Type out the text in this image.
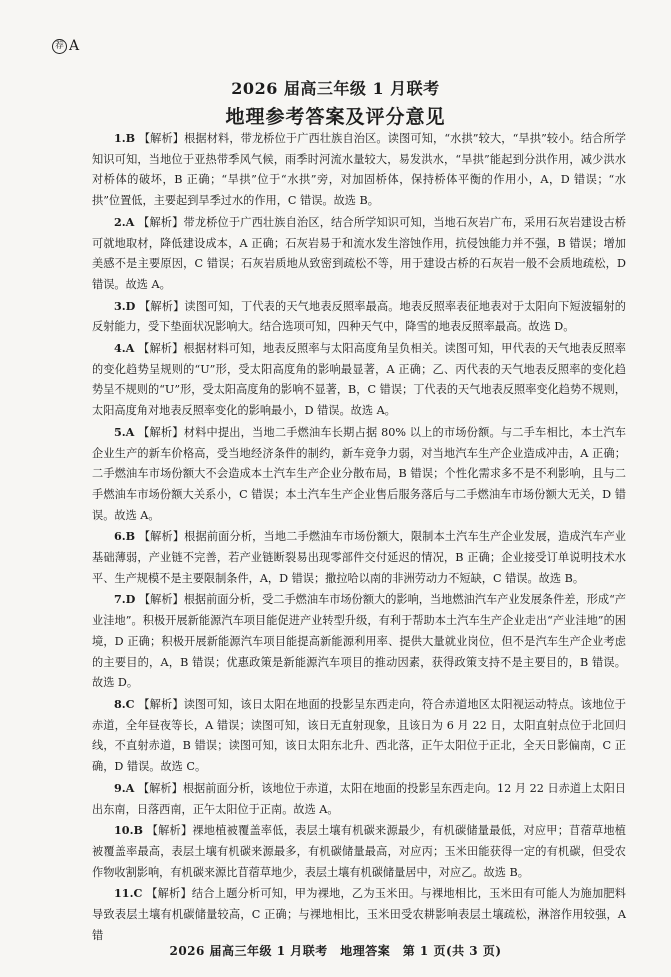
荐 A
2026 届高三年级 1 月联考
地理参考答案及评分意见

1.B 【解析】根据材料，带龙桥位于广西壮族自治区。读图可知，“水拱”较大，“旱拱”较小。结合所学知识可知，当地位于亚热带季风气候，雨季时河流水量较大，易发洪水，“旱拱”能起到分洪作用，减少洪水对桥体的破坏，B 正确；“旱拱”位于“水拱”旁，对加固桥体，保持桥体平衡的作用小，A，D 错误；“水拱”位置低，主要起到旱季过水的作用，C 错误。故选 B。

2.A 【解析】带龙桥位于广西壮族自治区，结合所学知识可知，当地石灰岩广布，采用石灰岩建设古桥可就地取材，降低建设成本，A 正确；石灰岩易于和流水发生溶蚀作用，抗侵蚀能力并不强，B 错误；增加美感不是主要原因，C 错误；石灰岩质地从致密到疏松不等，用于建设古桥的石灰岩一般不会质地疏松，D 错误。故选 A。

3.D 【解析】读图可知，丁代表的天气地表反照率最高。地表反照率表征地表对于太阳向下短波辐射的反射能力，受下垫面状况影响大。结合选项可知，四种天气中，降雪的地表反照率最高。故选 D。

4.A 【解析】根据材料可知，地表反照率与太阳高度角呈负相关。读图可知，甲代表的天气地表反照率的变化趋势呈规则的“U”形，受太阳高度角的影响最显著，A 正确；乙、丙代表的天气地表反照率的变化趋势呈不规则的“U”形，受太阳高度角的影响不显著，B，C 错误；丁代表的天气地表反照率变化趋势不规则，太阳高度角对地表反照率变化的影响最小，D 错误。故选 A。

5.A 【解析】材料中提出，当地二手燃油车长期占据 80% 以上的市场份额。与二手车相比，本土汽车企业生产的新车价格高，受当地经济条件的制约，新车竞争力弱，对当地汽车生产企业造成冲击，A 正确；二手燃油车市场份额大不会造成本土汽车生产企业分散布局，B 错误；个性化需求多不是不利影响，且与二手燃油车市场份额大关系小，C 错误；本土汽车生产企业售后服务落后与二手燃油车市场份额大无关，D 错误。故选 A。

6.B 【解析】根据前面分析，当地二手燃油车市场份额大，限制本土汽车生产企业发展，造成汽车产业基础薄弱，产业链不完善，若产业链断裂易出现零部件交付延迟的情况，B 正确；企业接受订单说明技术水平、生产规模不是主要限制条件，A，D 错误；撒拉哈以南的非洲劳动力不短缺，C 错误。故选 B。

7.D 【解析】根据前面分析，受二手燃油车市场份额大的影响，当地燃油汽车产业发展条件差，形成“产业洼地”。积极开展新能源汽车项目能促进产业转型升级，有利于帮助本土汽车生产企业走出“产业洼地”的困境，D 正确；积极开展新能源汽车项目能提高新能源利用率、提供大量就业岗位，但不是汽车生产企业考虑的主要目的，A，B 错误；优惠政策是新能源汽车项目的推动因素，获得政策支持不是主要目的，B 错误。故选 D。

8.C 【解析】读图可知，该日太阳在地面的投影呈东西走向，符合赤道地区太阳视运动特点。该地位于赤道，全年昼夜等长，A 错误；读图可知，该日无直射现象，且该日为 6 月 22 日，太阳直射点位于北回归线，不直射赤道，B 错误；读图可知，该日太阳东北升、西北落，正午太阳位于正北，全天日影偏南，C 正确，D 错误。故选 C。

9.A 【解析】根据前面分析，该地位于赤道，太阳在地面的投影呈东西走向。12 月 22 日赤道上太阳日出东南，日落西南，正午太阳位于正南。故选 A。

10.B 【解析】裸地植被覆盖率低，表层土壤有机碳来源最少，有机碳储量最低，对应甲；苜蓿草地植被覆盖率最高，表层土壤有机碳来源最多，有机碳储量最高，对应丙；玉米田能获得一定的有机碳，但受农作物收割影响，有机碳来源比苜蓿草地少，表层土壤有机碳储量居中，对应乙。故选 B。

11.C 【解析】结合上题分析可知，甲为裸地，乙为玉米田。与裸地相比，玉米田有可能人为施加肥料导致表层土壤有机碳储量较高，C 正确；与裸地相比，玉米田受农耕影响表层土壤疏松，淋溶作用较强，A 错

2026 届高三年级 1 月联考　地理答案　第 1 页(共 3 页)
